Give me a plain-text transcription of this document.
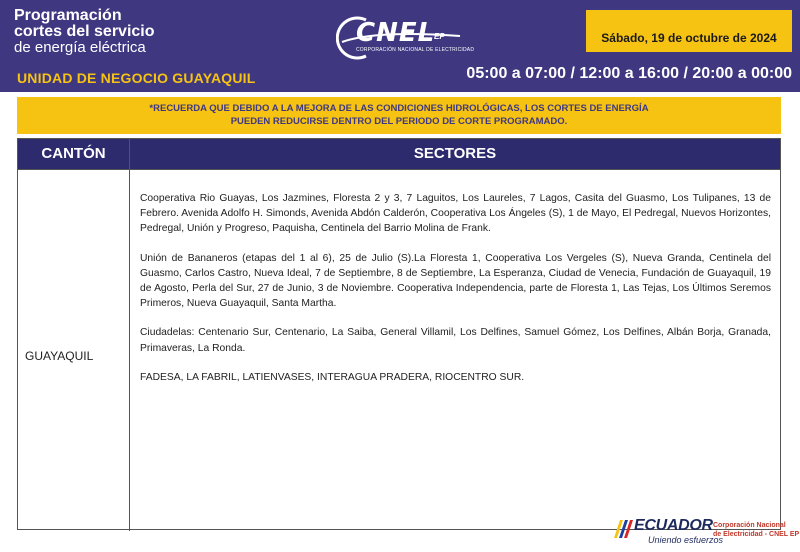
Programación
cortes del servicio
de energía eléctrica
UNIDAD DE NEGOCIO GUAYAQUIL
CNEL
EP
CORPORACIÓN NACIONAL DE ELECTRICIDAD
Sábado, 19 de octubre de 2024
05:00 a 07:00 / 12:00 a 16:00 / 20:00 a 00:00
*RECUERDA QUE DEBIDO A LA MEJORA DE LAS CONDICIONES HIDROLÓGICAS, LOS CORTES DE ENERGÍA
PUEDEN REDUCIRSE DENTRO DEL PERIODO DE CORTE PROGRAMADO.
CANTÓN	SECTORES
GUAYAQUIL

Cooperativa Rio Guayas, Los Jazmines, Floresta 2 y 3, 7 Laguitos, Los Laureles, 7 Lagos, Casita del Guasmo, Los Tulipanes, 13 de Febrero. Avenida Adolfo H. Simonds, Avenida Abdón Calderón, Cooperativa Los Ángeles (S), 1 de Mayo, El Pedregal, Nuevos Horizontes, Pedregal, Unión y Progreso, Paquisha, Centinela del Barrio Molina de Frank.

Unión de Bananeros (etapas del 1 al 6), 25 de Julio (S).La Floresta 1, Cooperativa Los Vergeles (S), Nueva Granda, Centinela del Guasmo, Carlos Castro, Nueva Ideal, 7 de Septiembre, 8 de Septiembre, La Esperanza, Ciudad de Venecia, Fundación de Guayaquil, 19 de Agosto, Perla del Sur, 27 de Junio, 3 de Noviembre. Cooperativa Independencia, parte de Floresta 1, Las Tejas, Los Últimos Seremos Primeros, Nueva Guayaquil, Santa Martha.

Ciudadelas: Centenario Sur, Centenario, La Saiba, General Villamil, Los Delfines, Samuel Gómez, Los Delfines, Albán Borja, Granada, Primaveras, La Ronda.

FADESA, LA FABRIL, LATIENVASES, INTERAGUA PRADERA, RIOCENTRO SUR.

ECUADOR
Uniendo esfuerzos
Corporación Nacional
de Electricidad - CNEL EP
